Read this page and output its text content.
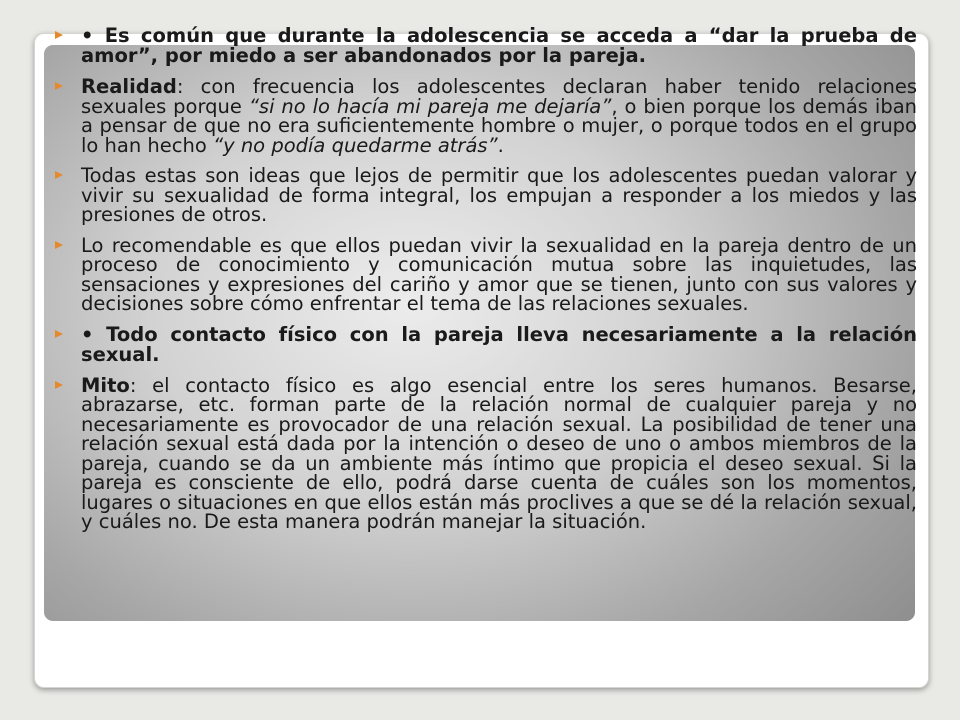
• Es común que durante la adolescencia se acceda a “dar la prueba de amor”, por miedo a ser abandonados por la pareja.

Realidad: con frecuencia los adolescentes declaran haber tenido relaciones sexuales porque “si no lo hacía mi pareja me dejaría”, o bien porque los demás iban a pensar de que no era suficientemente hombre o mujer, o porque todos en el grupo lo han hecho “y no podía quedarme atrás”.

Todas estas son ideas que lejos de permitir que los adolescentes puedan valorar y vivir su sexualidad de forma integral, los empujan a responder a los miedos y las presiones de otros.

Lo recomendable es que ellos puedan vivir la sexualidad en la pareja dentro de un proceso de conocimiento y comunicación mutua sobre las inquietudes, las sensaciones y expresiones del cariño y amor que se tienen, junto con sus valores y decisiones sobre cómo enfrentar el tema de las relaciones sexuales.

• Todo contacto físico con la pareja lleva necesariamente a la relación sexual.

Mito: el contacto físico es algo esencial entre los seres humanos. Besarse, abrazarse, etc. forman parte de la relación normal de cualquier pareja y no necesariamente es provocador de una relación sexual. La posibilidad de tener una relación sexual está dada por la intención o deseo de uno o ambos miembros de la pareja, cuando se da un ambiente más íntimo que propicia el deseo sexual. Si la pareja es consciente de ello, podrá darse cuenta de cuáles son los momentos, lugares o situaciones en que ellos están más proclives a que se dé la relación sexual, y cuáles no. De esta manera podrán manejar la situación.
